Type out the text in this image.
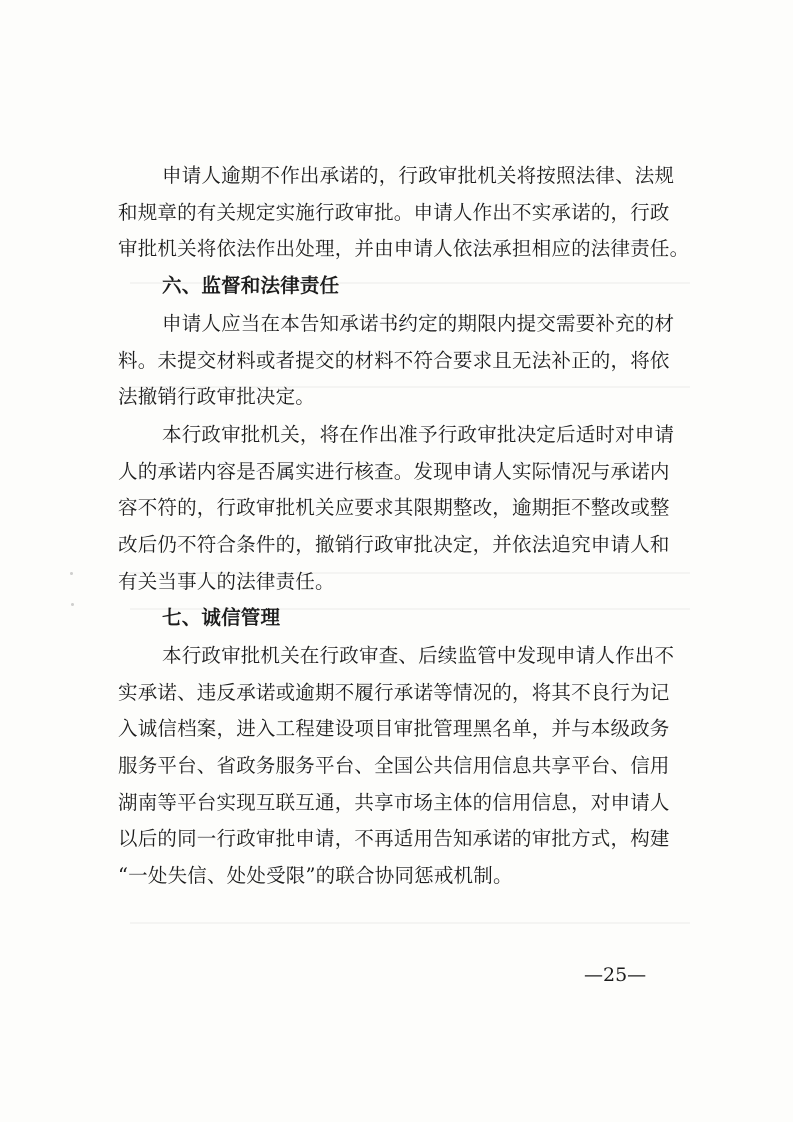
申请人逾期不作出承诺的，行政审批机关将按照法律、法规
和规章的有关规定实施行政审批。申请人作出不实承诺的，行政
审批机关将依法作出处理，并由申请人依法承担相应的法律责任。
六、监督和法律责任
申请人应当在本告知承诺书约定的期限内提交需要补充的材
料。未提交材料或者提交的材料不符合要求且无法补正的，将依
法撤销行政审批决定。
本行政审批机关，将在作出准予行政审批决定后适时对申请
人的承诺内容是否属实进行核查。发现申请人实际情况与承诺内
容不符的，行政审批机关应要求其限期整改，逾期拒不整改或整
改后仍不符合条件的，撤销行政审批决定，并依法追究申请人和
有关当事人的法律责任。
七、诚信管理
本行政审批机关在行政审查、后续监管中发现申请人作出不
实承诺、违反承诺或逾期不履行承诺等情况的，将其不良行为记
入诚信档案，进入工程建设项目审批管理黑名单，并与本级政务
服务平台、省政务服务平台、全国公共信用信息共享平台、信用
湖南等平台实现互联互通，共享市场主体的信用信息，对申请人
以后的同一行政审批申请，不再适用告知承诺的审批方式，构建
“一处失信、处处受限”的联合协同惩戒机制。
—25—
